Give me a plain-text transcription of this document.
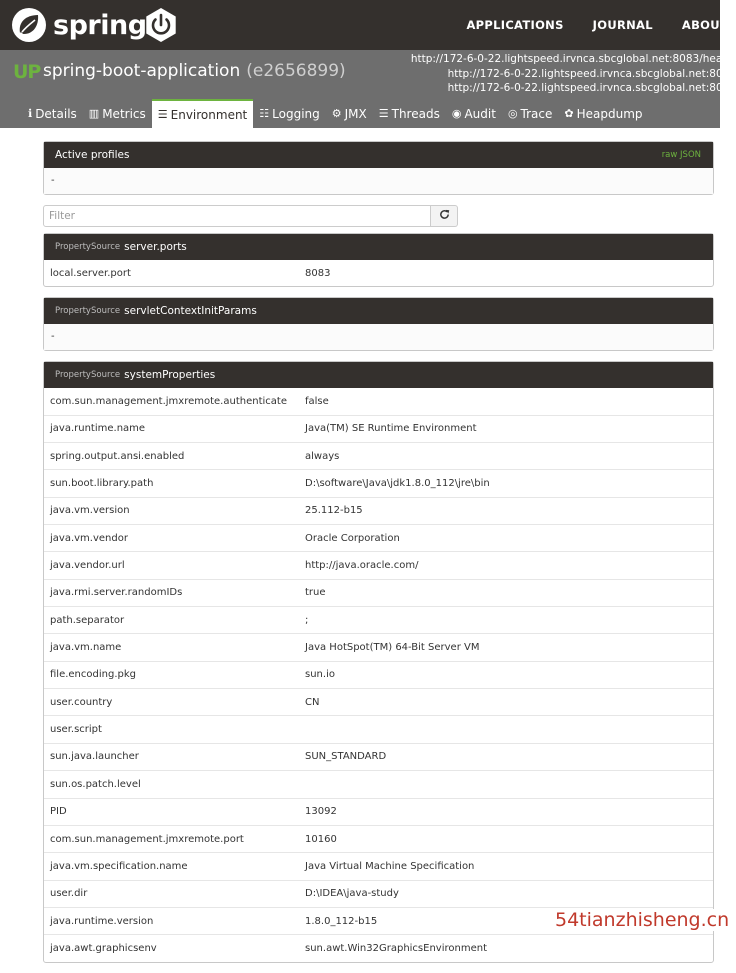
spring	APPLICATIONS	JOURNAL	ABOUT
UP spring-boot-application (e2656899)
http://172-6-0-22.lightspeed.irvnca.sbcglobal.net:8083/health
http://172-6-0-22.lightspeed.irvnca.sbcglobal.net:8083
http://172-6-0-22.lightspeed.irvnca.sbcglobal.net:8083
ℹ Details ▥ Metrics ☰ Environment ☷ Logging ⚙ JMX ☰ Threads ◉ Audit ◎ Trace ✿ Heapdump
Active profiles	raw JSON
-
Filter
PropertySource server.ports
local.server.port	8083
PropertySource servletContextInitParams
-
PropertySource systemProperties
com.sun.management.jmxremote.authenticate	false
java.runtime.name	Java(TM) SE Runtime Environment
spring.output.ansi.enabled	always
sun.boot.library.path	D:\software\Java\jdk1.8.0_112\jre\bin
java.vm.version	25.112-b15
java.vm.vendor	Oracle Corporation
java.vendor.url	http://java.oracle.com/
java.rmi.server.randomIDs	true
path.separator	;
java.vm.name	Java HotSpot(TM) 64-Bit Server VM
file.encoding.pkg	sun.io
user.country	CN
user.script	
sun.java.launcher	SUN_STANDARD
sun.os.patch.level	
PID	13092
com.sun.management.jmxremote.port	10160
java.vm.specification.name	Java Virtual Machine Specification
user.dir	D:\IDEA\java-study
java.runtime.version	1.8.0_112-b15
java.awt.graphicsenv	sun.awt.Win32GraphicsEnvironment
54tianzhisheng.cn
